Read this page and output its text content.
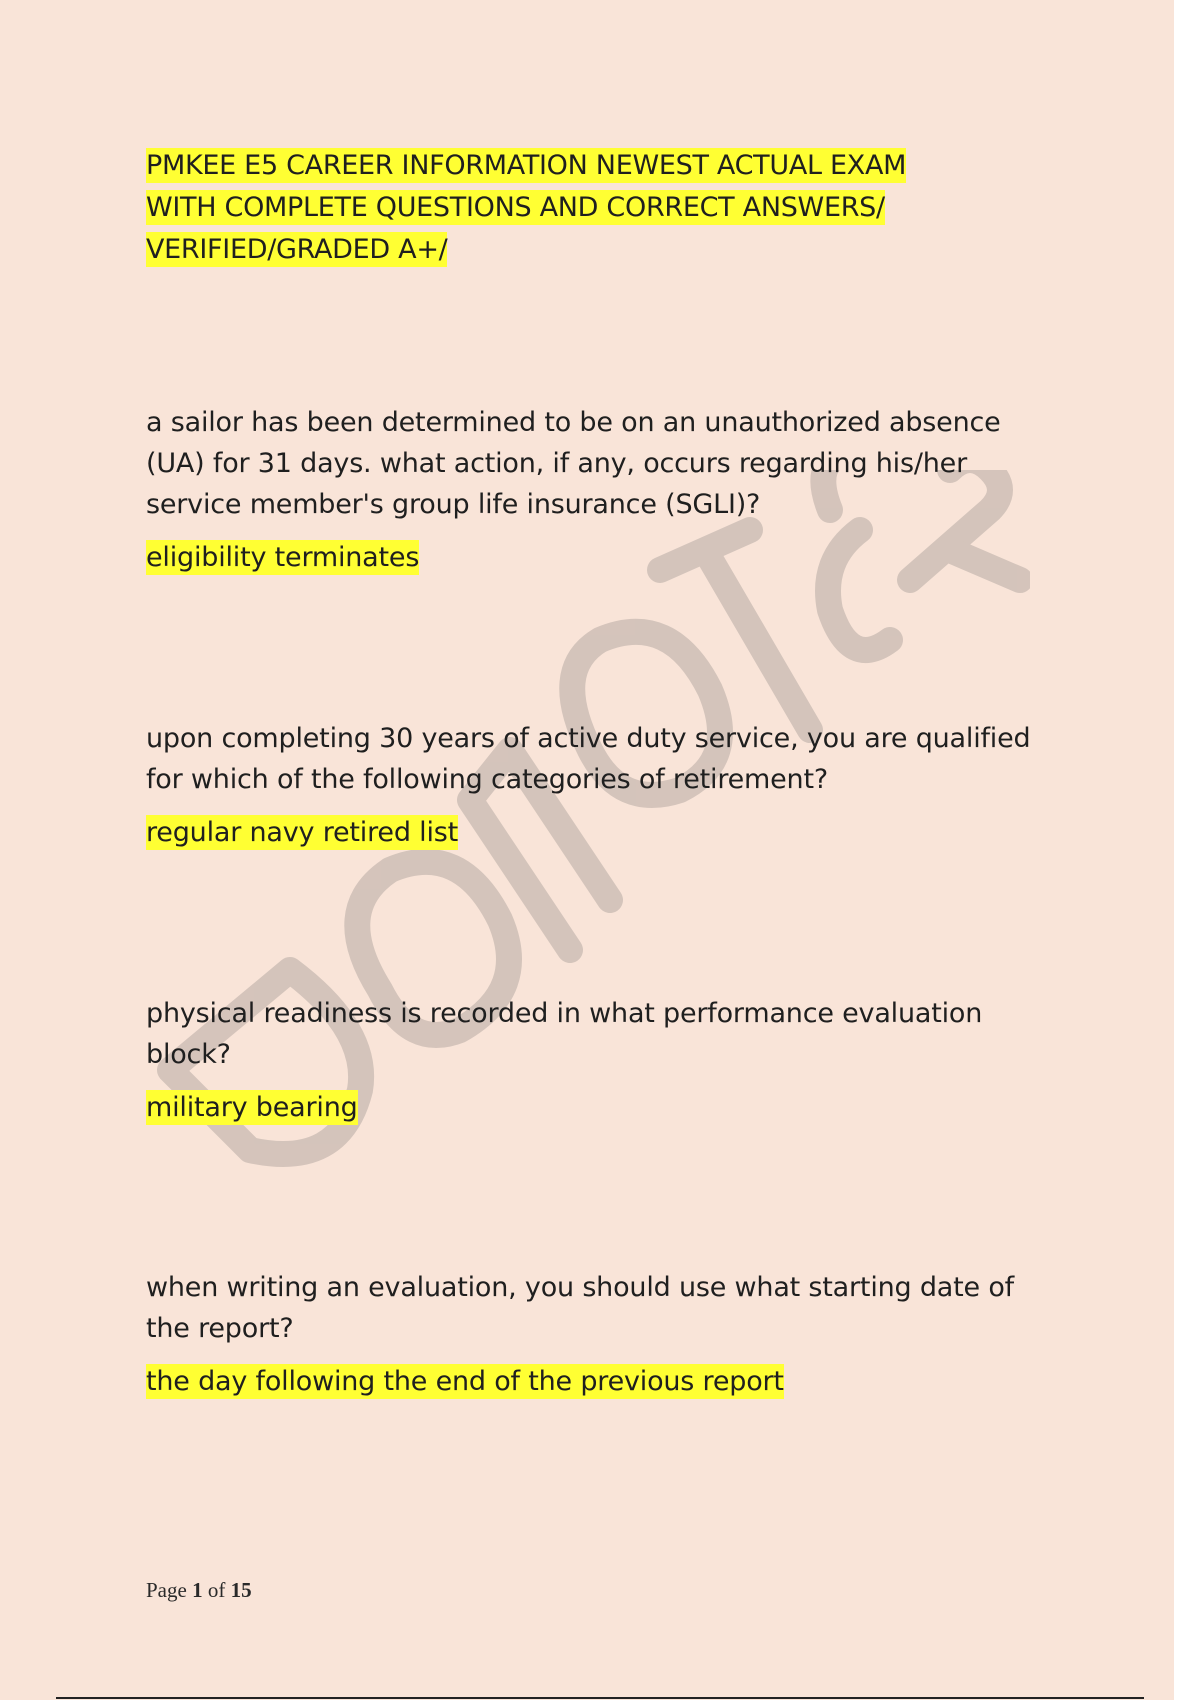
PMKEE E5 CAREER INFORMATION NEWEST ACTUAL EXAM
WITH COMPLETE QUESTIONS AND CORRECT ANSWERS/
VERIFIED/GRADED A+/

a sailor has been determined to be on an unauthorized absence (UA) for 31 days. what action, if any, occurs regarding his/her service member's group life insurance (SGLI)?

eligibility terminates

upon completing 30 years of active duty service, you are qualified for which of the following categories of retirement?

regular navy retired list

physical readiness is recorded in what performance evaluation block?

military bearing

when writing an evaluation, you should use what starting date of the report?

the day following the end of the previous report

Page 1 of 15
